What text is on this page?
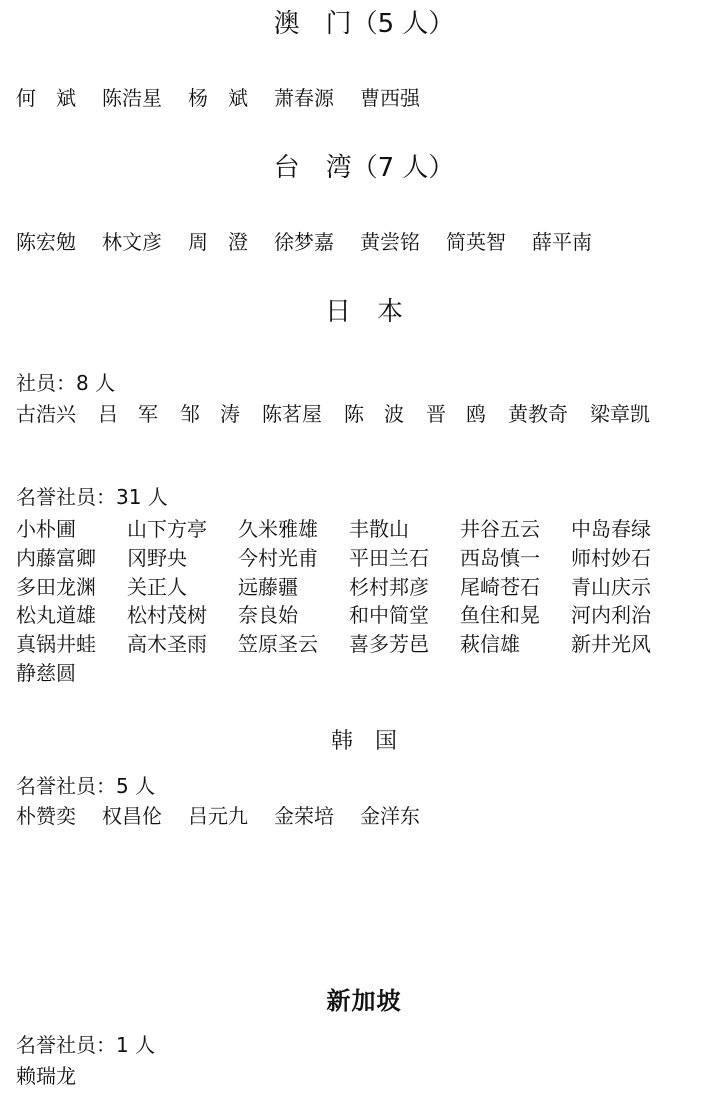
澳　门（5 人）
何　斌 陈浩星 杨　斌 萧春源 曹西强
台　湾（7 人）
陈宏勉 林文彦 周　澄 徐梦嘉 黄尝铭 简英智 薛平南
日　本
社员：8 人
古浩兴 吕　军 邹　涛 陈茗屋 陈　波 晋　鸥 黄教奇 梁章凯
名誉社员：31 人
小朴圃	山下方亭	久米雅雄	丰散山	井谷五云	中岛春绿
内藤富卿	冈野央	今村光甫	平田兰石	西岛慎一	师村妙石
多田龙渊	关正人	远藤疆	杉村邦彦	尾崎苍石	青山庆示
松丸道雄	松村茂树	奈良始	和中简堂	鱼住和晃	河内利治
真锅井蛙	高木圣雨	笠原圣云	喜多芳邑	萩信雄	新井光风
静慈圆
韩　国
名誉社员：5 人
朴赞奕 权昌伦 吕元九 金荣培 金洋东
新加坡
名誉社员：1 人
赖瑞龙
